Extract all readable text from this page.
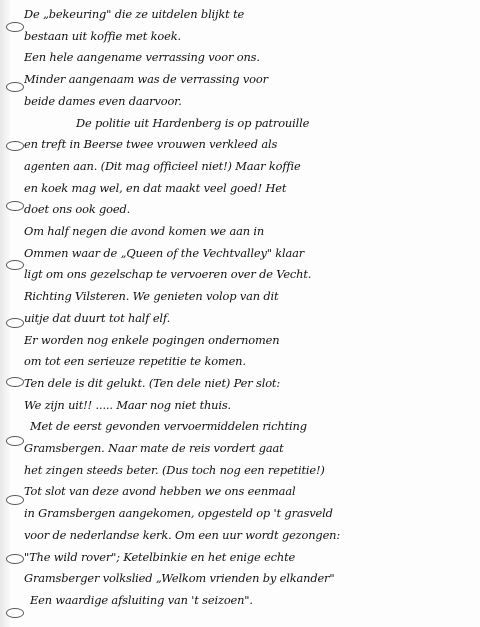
De „bekeuring" die ze uitdelen blijkt te
bestaan uit koffie met koek.
Een hele aangename verrassing voor ons.
Minder aangenaam was de verrassing voor
beide dames even daarvoor.
De politie uit Hardenberg is op patrouille
en treft in Beerse twee vrouwen verkleed als
agenten aan. (Dit mag officieel niet!) Maar koffie
en koek mag wel, en dat maakt veel goed! Het
doet ons ook goed.
Om half negen die avond komen we aan in
Ommen waar de „Queen of the Vechtvalley" klaar
ligt om ons gezelschap te vervoeren over de Vecht.
Richting Vilsteren. We genieten volop van dit
uitje dat duurt tot half elf.
Er worden nog enkele pogingen ondernomen
om tot een serieuze repetitie te komen.
Ten dele is dit gelukt. (Ten dele niet) Per slot:
We zijn uit!! ..... Maar nog niet thuis.
Met de eerst gevonden vervoermiddelen richting
Gramsbergen. Naar mate de reis vordert gaat
het zingen steeds beter. (Dus toch nog een repetitie!)
Tot slot van deze avond hebben we ons eenmaal
in Gramsbergen aangekomen, opgesteld op 't grasveld
voor de nederlandse kerk. Om een uur wordt gezongen:
"The wild rover"; Ketelbinkie en het enige echte
Gramsberger volkslied „Welkom vrienden by elkander"
Een waardige afsluiting van 't seizoen".
